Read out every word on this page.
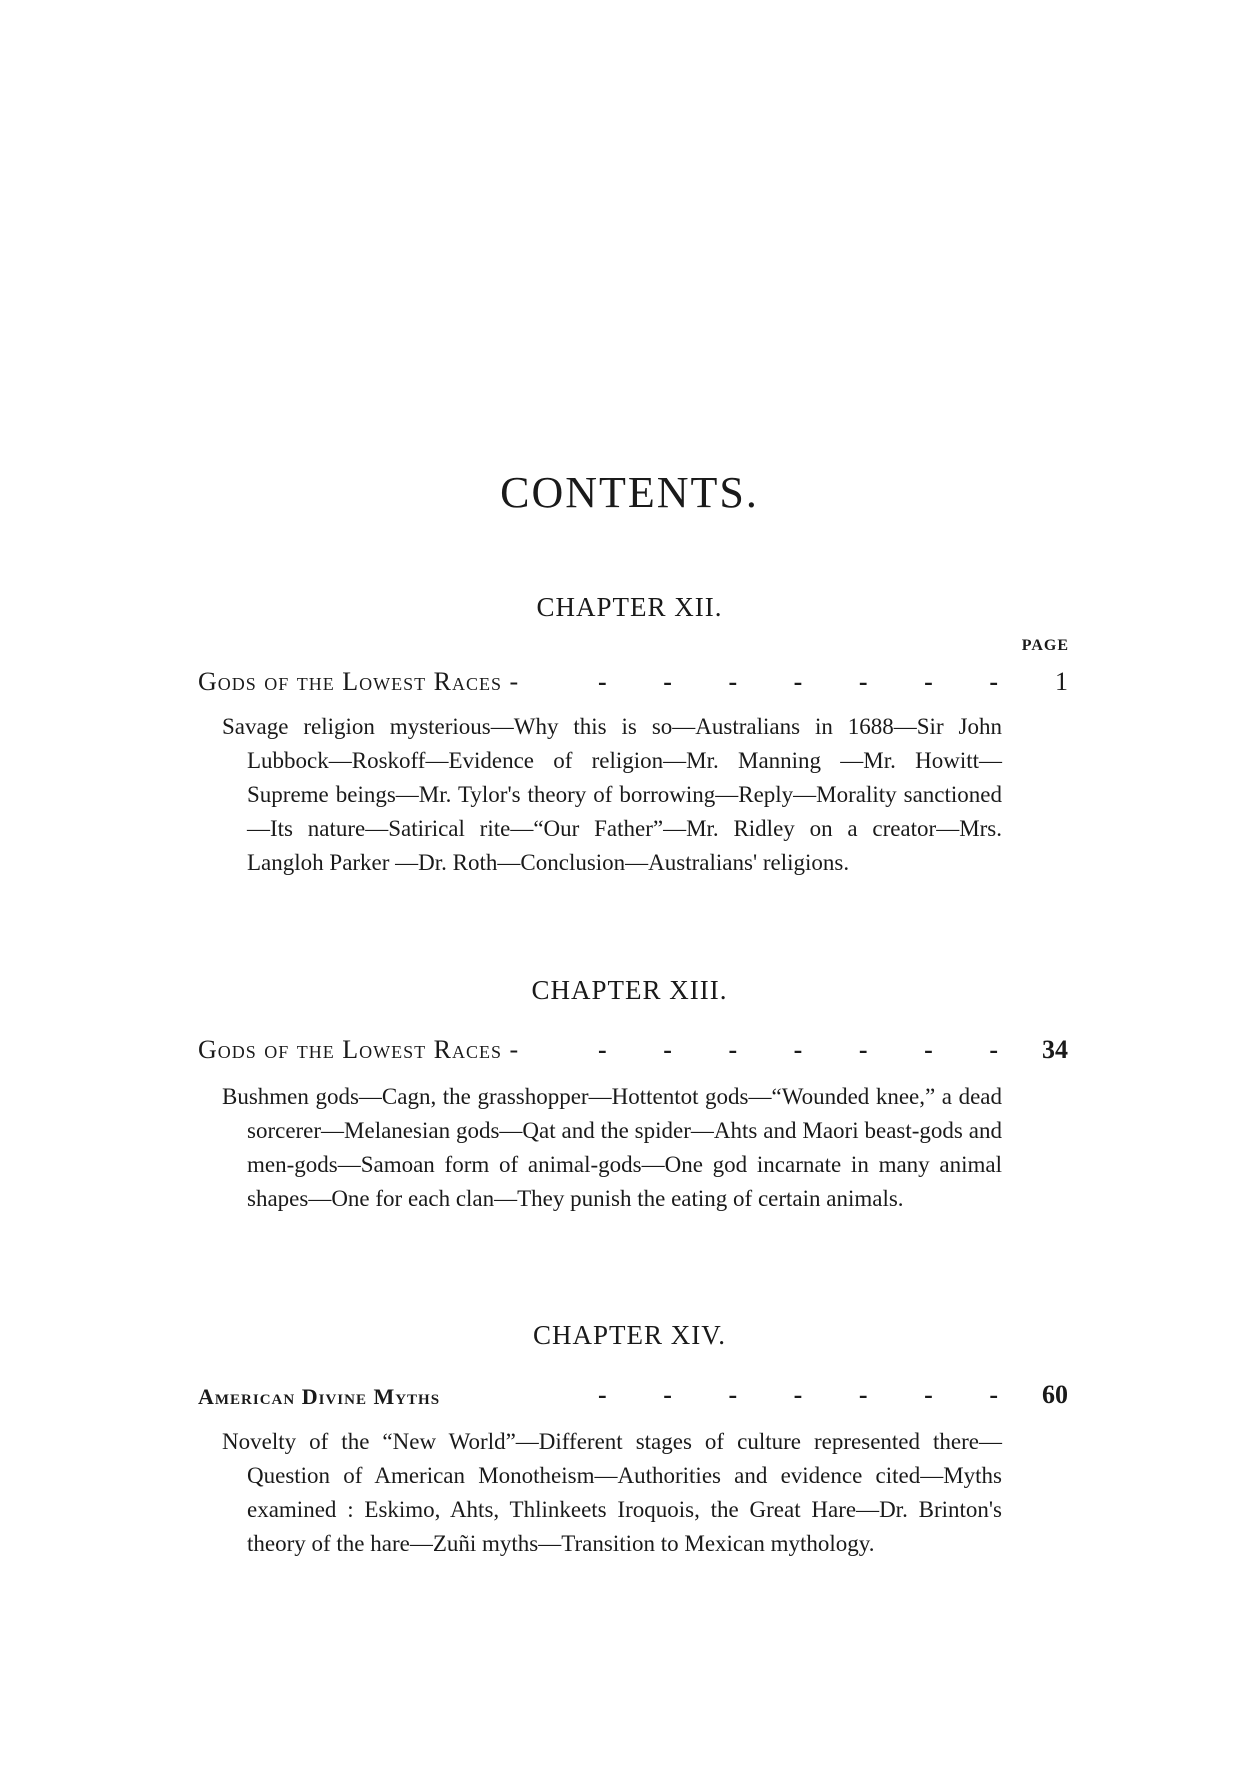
CONTENTS.
CHAPTER XII.
PAGE
Gods of the Lowest Races -	- - - - - - -	1

Savage religion mysterious—Why this is so—Australians in 1688—Sir John Lubbock—Roskoff—Evidence of religion—Mr. Manning —Mr. Howitt—Supreme beings—Mr. Tylor's theory of borrowing—Reply—Morality sanctioned—Its nature—Satirical rite—“Our Father”—Mr. Ridley on a creator—Mrs. Langloh Parker —Dr. Roth—Conclusion—Australians' religions.

CHAPTER XIII.
Gods of the Lowest Races -	- - - - - - -	34

Bushmen gods—Cagn, the grasshopper—Hottentot gods—“Wounded knee,” a dead sorcerer—Melanesian gods—Qat and the spider—Ahts and Maori beast-gods and men-gods—Samoan form of animal-gods—One god incarnate in many animal shapes—One for each clan—They punish the eating of certain animals.

CHAPTER XIV.
American Divine Myths	- - - - - - -	60

Novelty of the “New World”—Different stages of culture represented there—Question of American Monotheism—Authorities and evidence cited—Myths examined : Eskimo, Ahts, Thlinkeets Iroquois, the Great Hare—Dr. Brinton's theory of the hare—Zuñi myths—Transition to Mexican mythology.
